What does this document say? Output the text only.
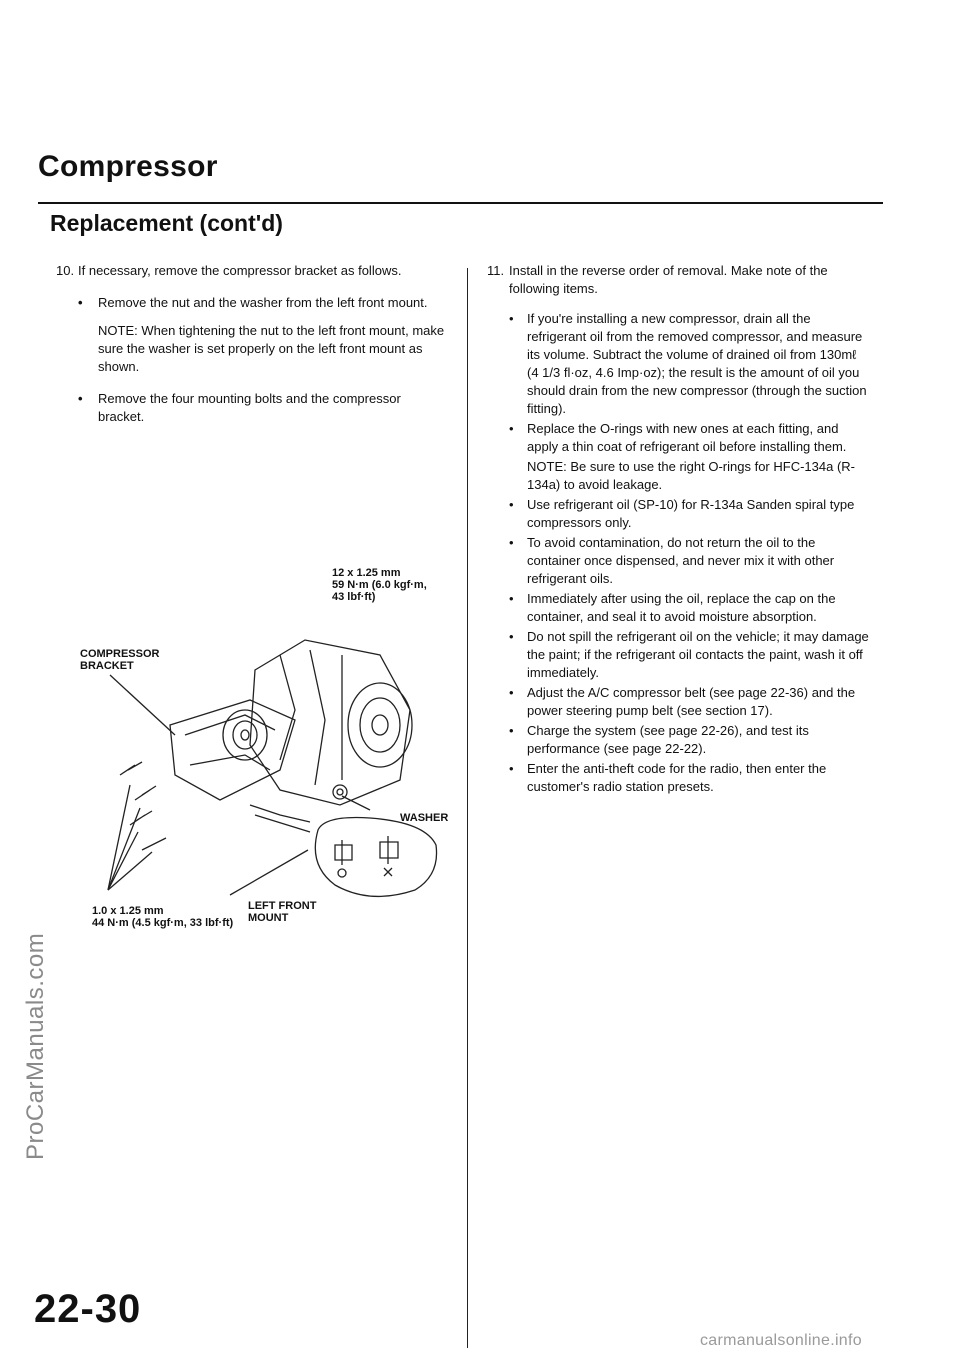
ProCarManuals.com
Compressor
Replacement (cont'd)
10. If necessary, remove the compressor bracket as follows.
•	Remove the nut and the washer from the left front mount.
NOTE: When tightening the nut to the left front mount, make sure the washer is set properly on the left front mount as shown.
•	Remove the four mounting bolts and the compressor bracket.
12 x 1.25 mm
59 N·m (6.0 kgf·m,
43 lbf·ft)
COMPRESSOR
BRACKET
WASHER
1.0 x 1.25 mm
44 N·m (4.5 kgf·m, 33 lbf·ft)
LEFT FRONT
MOUNT
11. Install in the reverse order of removal. Make note of the following items.
•	If you're installing a new compressor, drain all the refrigerant oil from the removed compressor, and measure its volume. Subtract the volume of drained oil from 130mℓ (4 1/3 fl·oz, 4.6 Imp·oz); the result is the amount of oil you should drain from the new compressor (through the suction fitting).
•	Replace the O-rings with new ones at each fitting, and apply a thin coat of refrigerant oil before installing them.
NOTE: Be sure to use the right O-rings for HFC-134a (R-134a) to avoid leakage.
•	Use refrigerant oil (SP-10) for R-134a Sanden spiral type compressors only.
•	To avoid contamination, do not return the oil to the container once dispensed, and never mix it with other refrigerant oils.
•	Immediately after using the oil, replace the cap on the container, and seal it to avoid moisture absorption.
•	Do not spill the refrigerant oil on the vehicle; it may damage the paint; if the refrigerant oil contacts the paint, wash it off immediately.
•	Adjust the A/C compressor belt (see page 22-36) and the power steering pump belt (see section 17).
•	Charge the system (see page 22-26), and test its performance (see page 22-22).
•	Enter the anti-theft code for the radio, then enter the customer's radio station presets.
22-30
carmanualsonline.info
